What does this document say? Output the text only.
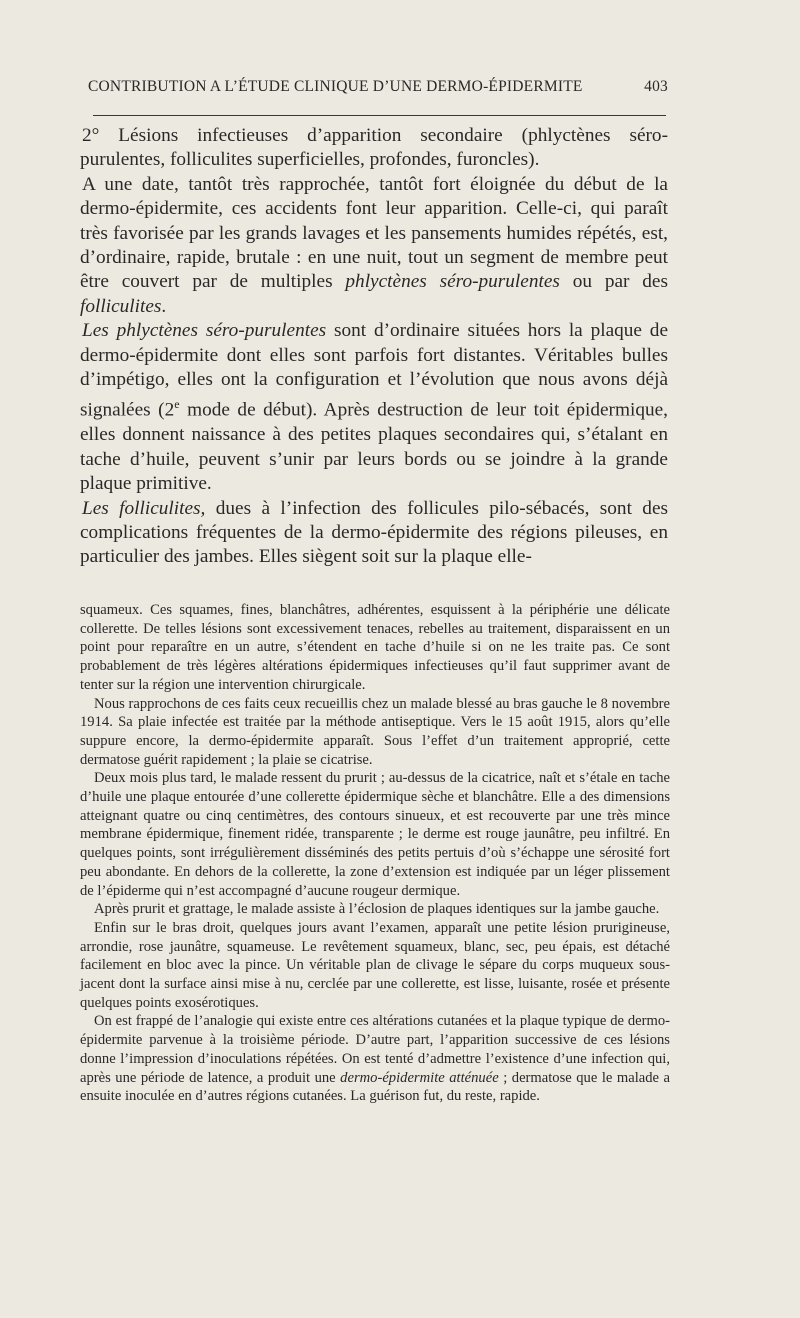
CONTRIBUTION A L’ÉTUDE CLINIQUE D’UNE DERMO-ÉPIDERMITE	403

2° Lésions infectieuses d’apparition secondaire (phlyctènes séro-purulentes, folliculites superficielles, profondes, furoncles).

A une date, tantôt très rapprochée, tantôt fort éloignée du début de la dermo-épidermite, ces accidents font leur apparition. Celle-ci, qui paraît très favorisée par les grands lavages et les pansements humides répétés, est, d’ordinaire, rapide, brutale : en une nuit, tout un segment de membre peut être couvert par de multiples phlyctènes séro-purulentes ou par des folliculites.

Les phlyctènes séro-purulentes sont d’ordinaire situées hors la plaque de dermo-épidermite dont elles sont parfois fort distantes. Véritables bulles d’impétigo, elles ont la configuration et l’évolution que nous avons déjà signalées (2e mode de début). Après destruction de leur toit épidermique, elles donnent naissance à des petites plaques secondaires qui, s’étalant en tache d’huile, peuvent s’unir par leurs bords ou se joindre à la grande plaque primitive.

Les folliculites, dues à l’infection des follicules pilo-sébacés, sont des complications fréquentes de la dermo-épidermite des régions pileuses, en particulier des jambes. Elles siègent soit sur la plaque elle-

squameux. Ces squames, fines, blanchâtres, adhérentes, esquissent à la périphérie une délicate collerette. De telles lésions sont excessivement tenaces, rebelles au traitement, disparaissent en un point pour reparaître en un autre, s’étendent en tache d’huile si on ne les traite pas. Ce sont probablement de très légères altérations épidermiques infectieuses qu’il faut supprimer avant de tenter sur la région une intervention chirurgicale.

Nous rapprochons de ces faits ceux recueillis chez un malade blessé au bras gauche le 8 novembre 1914. Sa plaie infectée est traitée par la méthode antiseptique. Vers le 15 août 1915, alors qu’elle suppure encore, la dermo-épidermite apparaît. Sous l’effet d’un traitement approprié, cette dermatose guérit rapidement ; la plaie se cicatrise.

Deux mois plus tard, le malade ressent du prurit ; au-dessus de la cicatrice, naît et s’étale en tache d’huile une plaque entourée d’une collerette épidermique sèche et blanchâtre. Elle a des dimensions atteignant quatre ou cinq centimètres, des contours sinueux, et est recouverte par une très mince membrane épidermique, finement ridée, transparente ; le derme est rouge jaunâtre, peu infiltré. En quelques points, sont irrégulièrement disséminés des petits pertuis d’où s’échappe une sérosité fort peu abondante. En dehors de la collerette, la zone d’extension est indiquée par un léger plissement de l’épiderme qui n’est accompagné d’aucune rougeur dermique.

Après prurit et grattage, le malade assiste à l’éclosion de plaques identiques sur la jambe gauche.

Enfin sur le bras droit, quelques jours avant l’examen, apparaît une petite lésion prurigineuse, arrondie, rose jaunâtre, squameuse. Le revêtement squameux, blanc, sec, peu épais, est détaché facilement en bloc avec la pince. Un véritable plan de clivage le sépare du corps muqueux sous-jacent dont la surface ainsi mise à nu, cerclée par une collerette, est lisse, luisante, rosée et présente quelques points exosérotiques.

On est frappé de l’analogie qui existe entre ces altérations cutanées et la plaque typique de dermo-épidermite parvenue à la troisième période. D’autre part, l’apparition successive de ces lésions donne l’impression d’inoculations répétées. On est tenté d’admettre l’existence d’une infection qui, après une période de latence, a produit une dermo-épidermite atténuée ; dermatose que le malade a ensuite inoculée en d’autres régions cutanées. La guérison fut, du reste, rapide.
